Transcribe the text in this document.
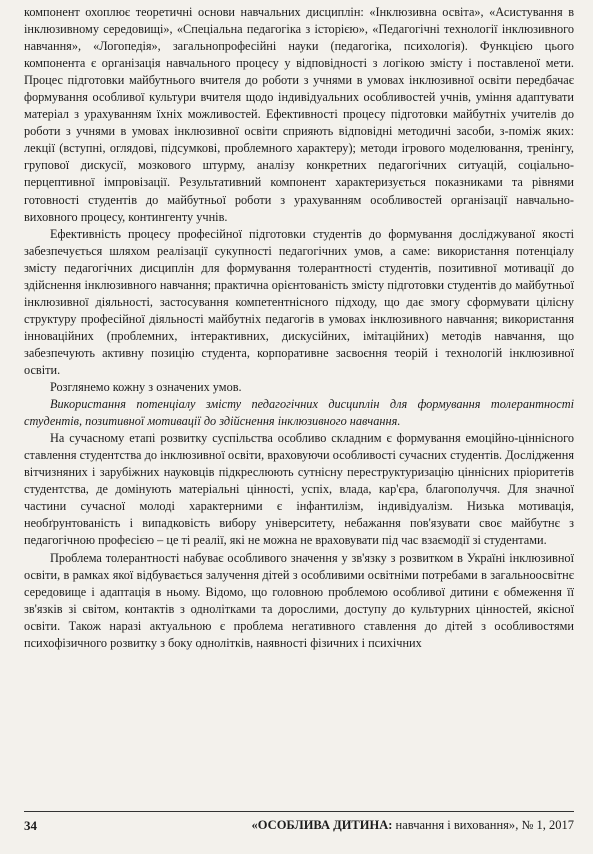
компонент охоплює теоретичні основи навчальних дисциплін: «Інклюзивна освіта», «Асистування в інклюзивному середовищі», «Спеціальна педагогіка з історією», «Педагогічні технології інклюзивного навчання», «Логопедія», загальнопрофесійні науки (педагогіка, психологія). Функцією цього компонента є організація навчального процесу у відповідності з логікою змісту і поставленої мети. Процес підготовки майбутнього вчителя до роботи з учнями в умовах інклюзивної освіти передбачає формування особливої культури вчителя щодо індивідуальних особливостей учнів, уміння адаптувати матеріал з урахуванням їхніх можливостей. Ефективності процесу підготовки майбутніх учителів до роботи з учнями в умовах інклюзивної освіти сприяють відповідні методичні засоби, з-поміж яких: лекції (вступні, оглядові, підсумкові, проблемного характеру); методи ігрового моделювання, тренінгу, групової дискусії, мозкового штурму, аналізу конкретних педагогічних ситуацій, соціально-перцептивної імпровізації. Результативний компонент характеризується показниками та рівнями готовності студентів до майбутньої роботи з урахуванням особливостей організації навчально-виховного процесу, контингенту учнів.

Ефективність процесу професійної підготовки студентів до формування досліджуваної якості забезпечується шляхом реалізації сукупності педагогічних умов, а саме: використання потенціалу змісту педагогічних дисциплін для формування толерантності студентів, позитивної мотивації до здійснення інклюзивного навчання; практична орієнтованість змісту підготовки студентів до майбутньої інклюзивної діяльності, застосування компетентнісного підходу, що дає змогу сформувати цілісну структуру професійної діяльності майбутніх педагогів в умовах інклюзивного навчання; використання інноваційних (проблемних, інтерактивних, дискусійних, імітаційних) методів навчання, що забезпечують активну позицію студента, корпоративне засвоєння теорій і технологій інклюзивної освіти.

Розглянемо кожну з означених умов.

Використання потенціалу змісту педагогічних дисциплін для формування толерантності студентів, позитивної мотивації до здійснення інклюзивного навчання.

На сучасному етапі розвитку суспільства особливо складним є формування емоційно-ціннісного ставлення студентства до інклюзивної освіти, враховуючи особливості сучасних студентів. Дослідження вітчизняних і зарубіжних науковців підкреслюють сутнісну переструктуризацію ціннісних пріоритетів студентства, де домінують матеріальні цінності, успіх, влада, кар'єра, благополуччя. Для значної частини сучасної молоді характерними є інфантилізм, індивідуалізм. Низька мотивація, необґрунтованість і випадковість вибору університету, небажання пов'язувати своє майбутнє з педагогічною професією – це ті реалії, які не можна не враховувати під час взаємодії зі студентами.

Проблема толерантності набуває особливого значення у зв'язку з розвитком в Україні інклюзивної освіти, в рамках якої відбувається залучення дітей з особливими освітніми потребами в загальноосвітнє середовище і адаптація в ньому. Відомо, що головною проблемою особливої дитини є обмеження її зв'язків зі світом, контактів з однолітками та дорослими, доступу до культурних цінностей, якісної освіти. Також наразі актуальною є проблема негативного ставлення до дітей з особливостями психофізичного розвитку з боку однолітків, наявності фізичних і психічних

34	«ОСОБЛИВА ДИТИНА: навчання і виховання», № 1, 2017
